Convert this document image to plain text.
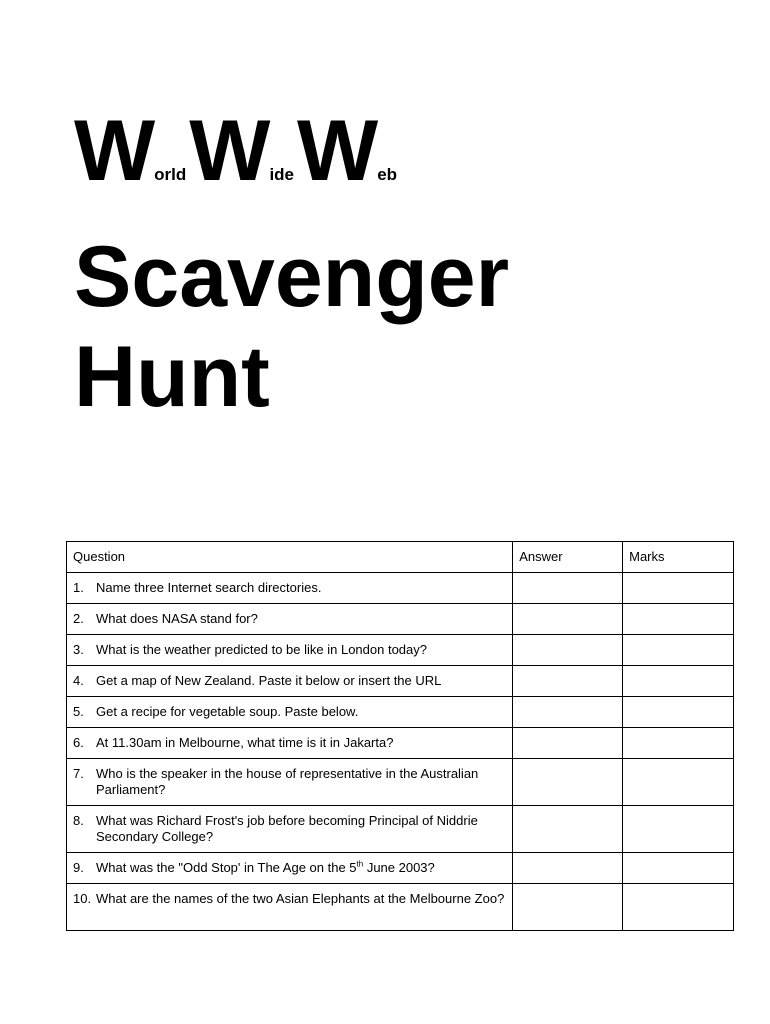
WorldWideWeb
Scavenger
Hunt
Question	Answer	Marks

1. Name three Internet search directories.		

2. What does NASA stand for?		

3. What is the weather predicted to be like in London today?		

4. Get a map of New Zealand. Paste it below or insert the URL		

5. Get a recipe for vegetable soup. Paste below.		

6. At 11.30am in Melbourne, what time is it in Jakarta?		

7. Who is the speaker in the house of representative in the Australian Parliament?		

8. What was Richard Frost's job before becoming Principal of Niddrie Secondary College?		

9. What was the "Odd Stop' in The Age on the 5th June 2003?		

10. What are the names of the two Asian Elephants at the Melbourne Zoo?		
